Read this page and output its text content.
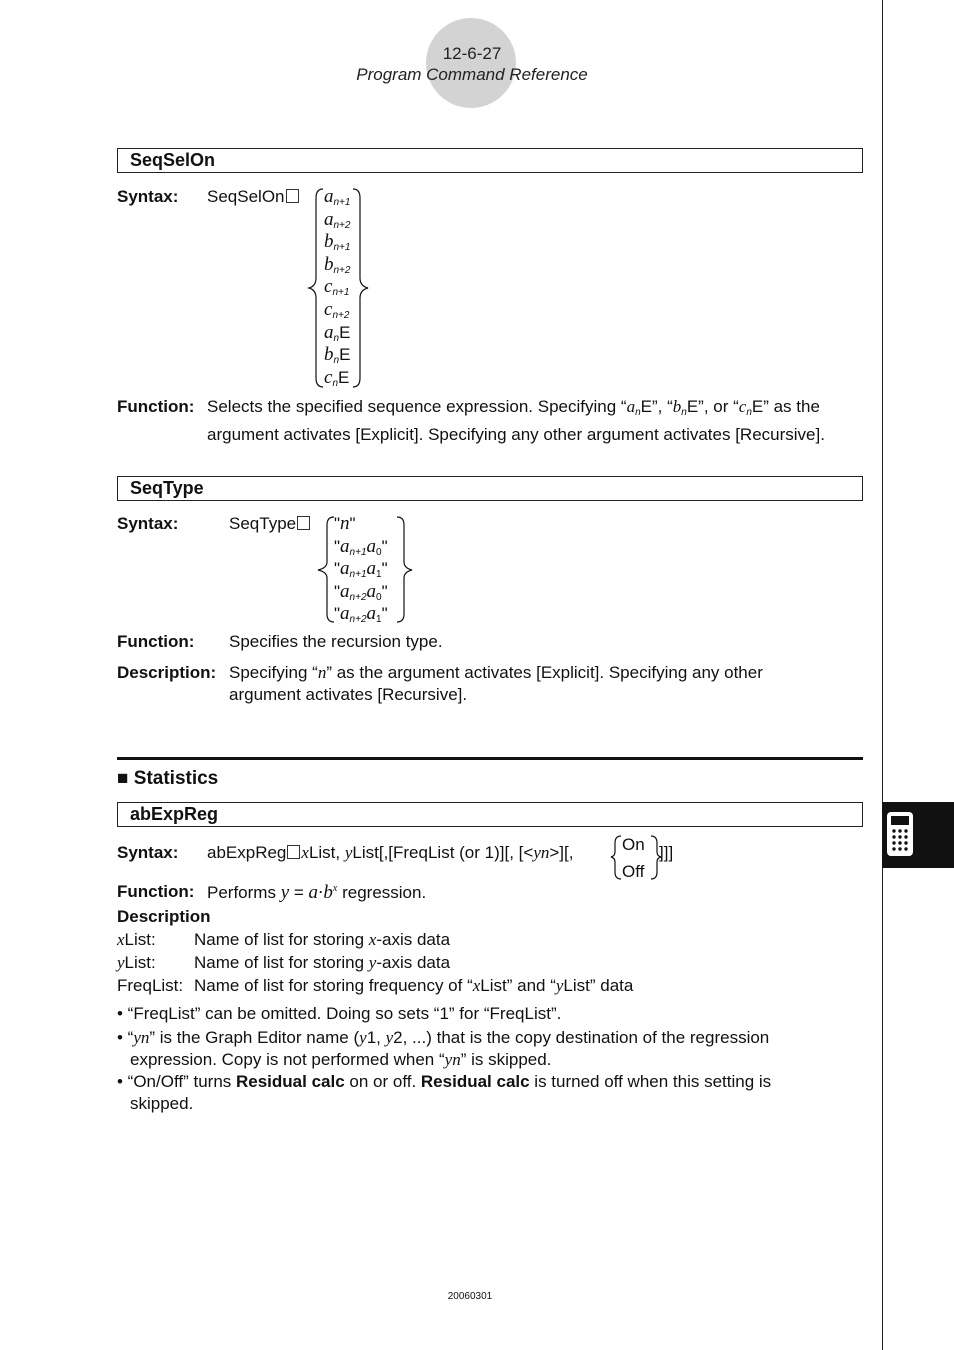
12-6-27
Program Command Reference
SeqSelOn
Syntax: SeqSelOn	$a_{n+1}$
$a_{n+2}$
$b_{n+1}$
$b_{n+2}$
$c_{n+1}$
$c_{n+2}$
$a_nE$
$b_nE$
$c_nE$
Function: Selects the specified sequence expression. Specifying “$a_nE$”, “$b_nE$”, or “$c_nE$” as the
argument activates [Explicit]. Specifying any other argument activates [Recursive].
SeqType
Syntax:	SeqType	"n"
"$a_{n+1}a_0$"
"$a_{n+1}a_1$"
"$a_{n+2}a_0$"
"$a_{n+2}a_1$"
Function: Specifies the recursion type.
Description: Specifying “n” as the argument activates [Explicit]. Specifying any other
argument activates [Recursive].
■ Statistics
abExpReg
Syntax: abExpReg xList, yList[,[FreqList (or 1)][, [<yn>][,	On
Off
]]]
Function: Performs $y = a\cdot b^x$ regression.
Description
xList: Name of list for storing x-axis data
yList: Name of list for storing y-axis data
FreqList: Name of list for storing frequency of “xList” and “yList” data
• “FreqList” can be omitted. Doing so sets “1” for “FreqList”.
• “yn” is the Graph Editor name (y1, y2, ...) that is the copy destination of the regression
expression. Copy is not performed when “yn” is skipped.
• “On/Off” turns Residual calc on or off. Residual calc is turned off when this setting is
skipped.
20060301
